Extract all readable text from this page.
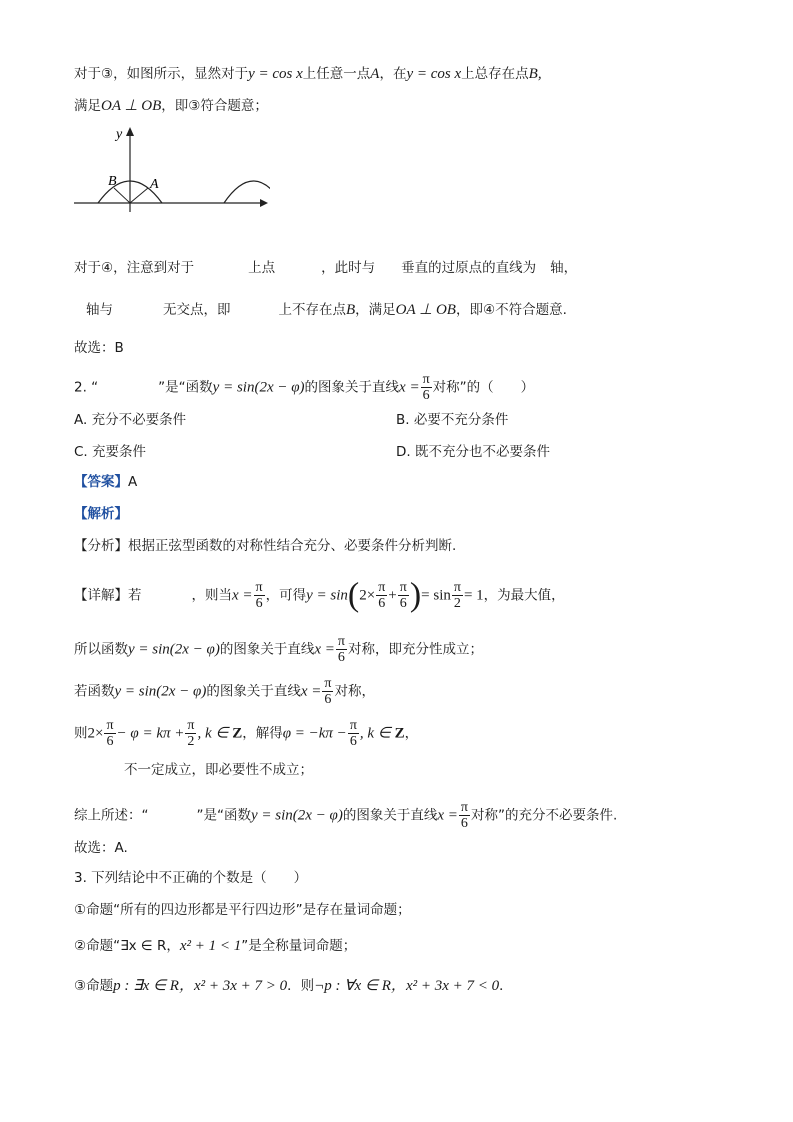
对于③，如图所示，显然对于y = cos x上任意一点A，在y = cos x上总存在点B,
满足OA ⊥ OB，即③符合题意；
y
B A
对于④，注意到对于	上点	，此时与 垂直的过原点的直线为 轴，
轴与	无交点，即	上不存在点B，满足OA ⊥ OB，即④不符合题意.
故选：B
2. “	”是“函数y = sin(2x − φ)的图象关于直线$x = \frac{\pi}{6}$ 对称”的（　　）
A. 充分不必要条件	B. 必要不充分条件
C. 充要条件	D. 既不充分也不必要条件
【答案】A
【解析】
【分析】根据正弦型函数的对称性结合充分、必要条件分析判断.
【详解】若	，则当$x = \frac{\pi}{6}$ ，可得$y = \sin(2\times \frac{\pi}{6} + \frac{\pi}{6}$ )= $\sin \frac{\pi}{2} = 1$，为最大值，
所以函数y = sin(2x − φ)的图象关于直线$x = \frac{\pi}{6}$ 对称，即充分性成立；
若函数y = sin(2x − φ)的图象关于直线$x = \frac{\pi}{6}$ 对称，
则$2\times \frac{\pi}{6} - \varphi = k\pi + \frac{\pi}{2}$ , k ∈ Z，解得$\varphi = -k\pi - \frac{\pi}{6}$ , k ∈ Z，
不一定成立，即必要性不成立；
综上所述：“	”是“函数y = sin(2x − φ)的图象关于直线$x = \frac{\pi}{6}$ 对称”的充分不必要条件.
故选：A.
3. 下列结论中不正确的个数是（　　）
①命题“所有的四边形都是平行四边形”是存在量词命题；
②命题“∃x ∈ R，x² + 1 < 1”是全称量词命题；
③命题p : ∃x ∈ R，x² + 3x + 7 > 0．则¬p : ∀x ∈ R，x² + 3x + 7 < 0．
